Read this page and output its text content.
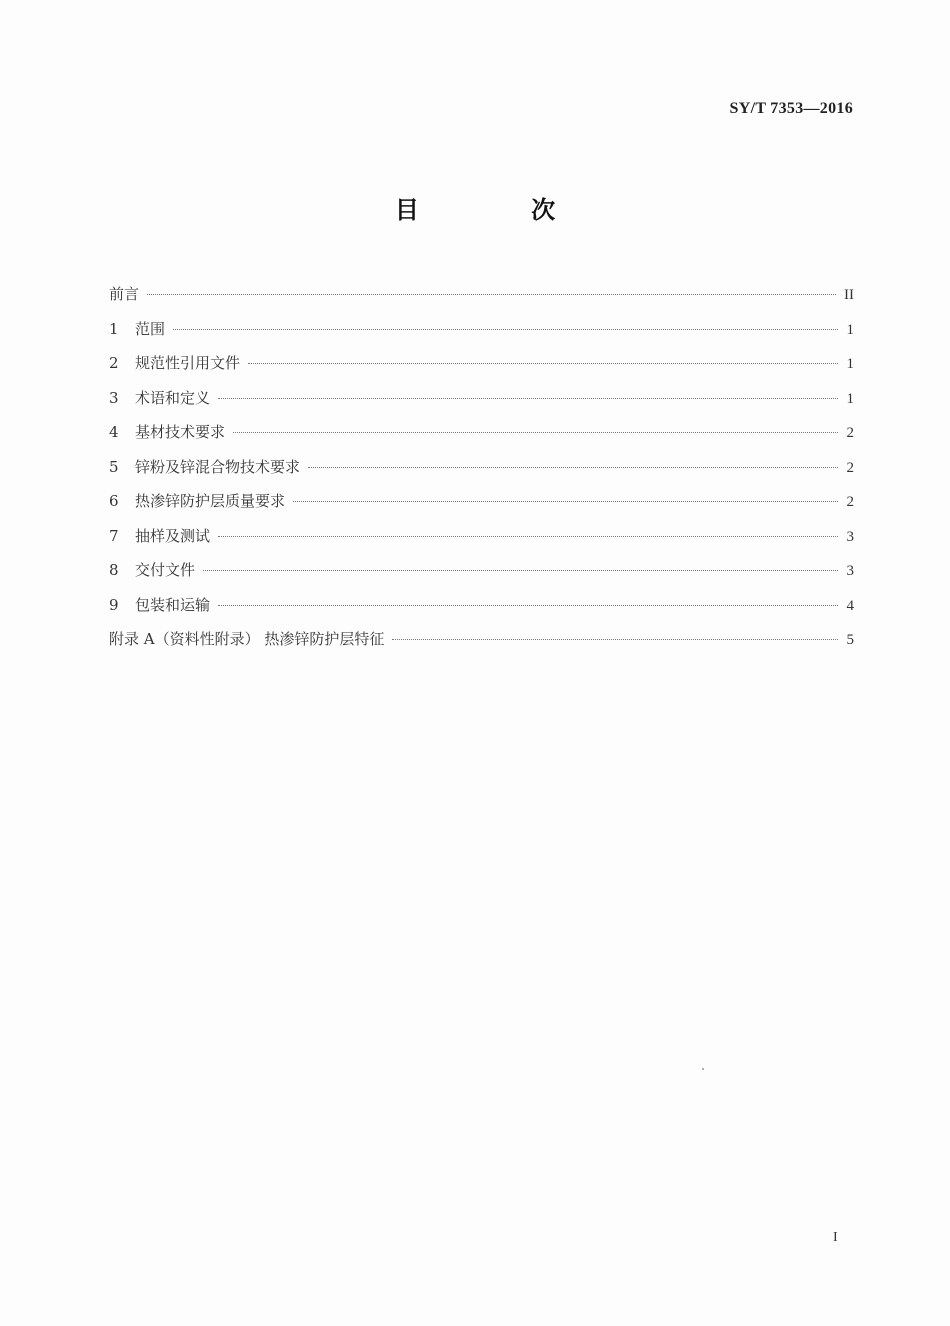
SY/T 7353—2016
目 次
前言	II
1	范围	1
2	规范性引用文件	1
3	术语和定义	1
4	基材技术要求	2
5	锌粉及锌混合物技术要求	2
6	热渗锌防护层质量要求	2
7	抽样及测试	3
8	交付文件	3
9	包装和运输	4
附录 A（资料性附录） 热渗锌防护层特征	5
I
